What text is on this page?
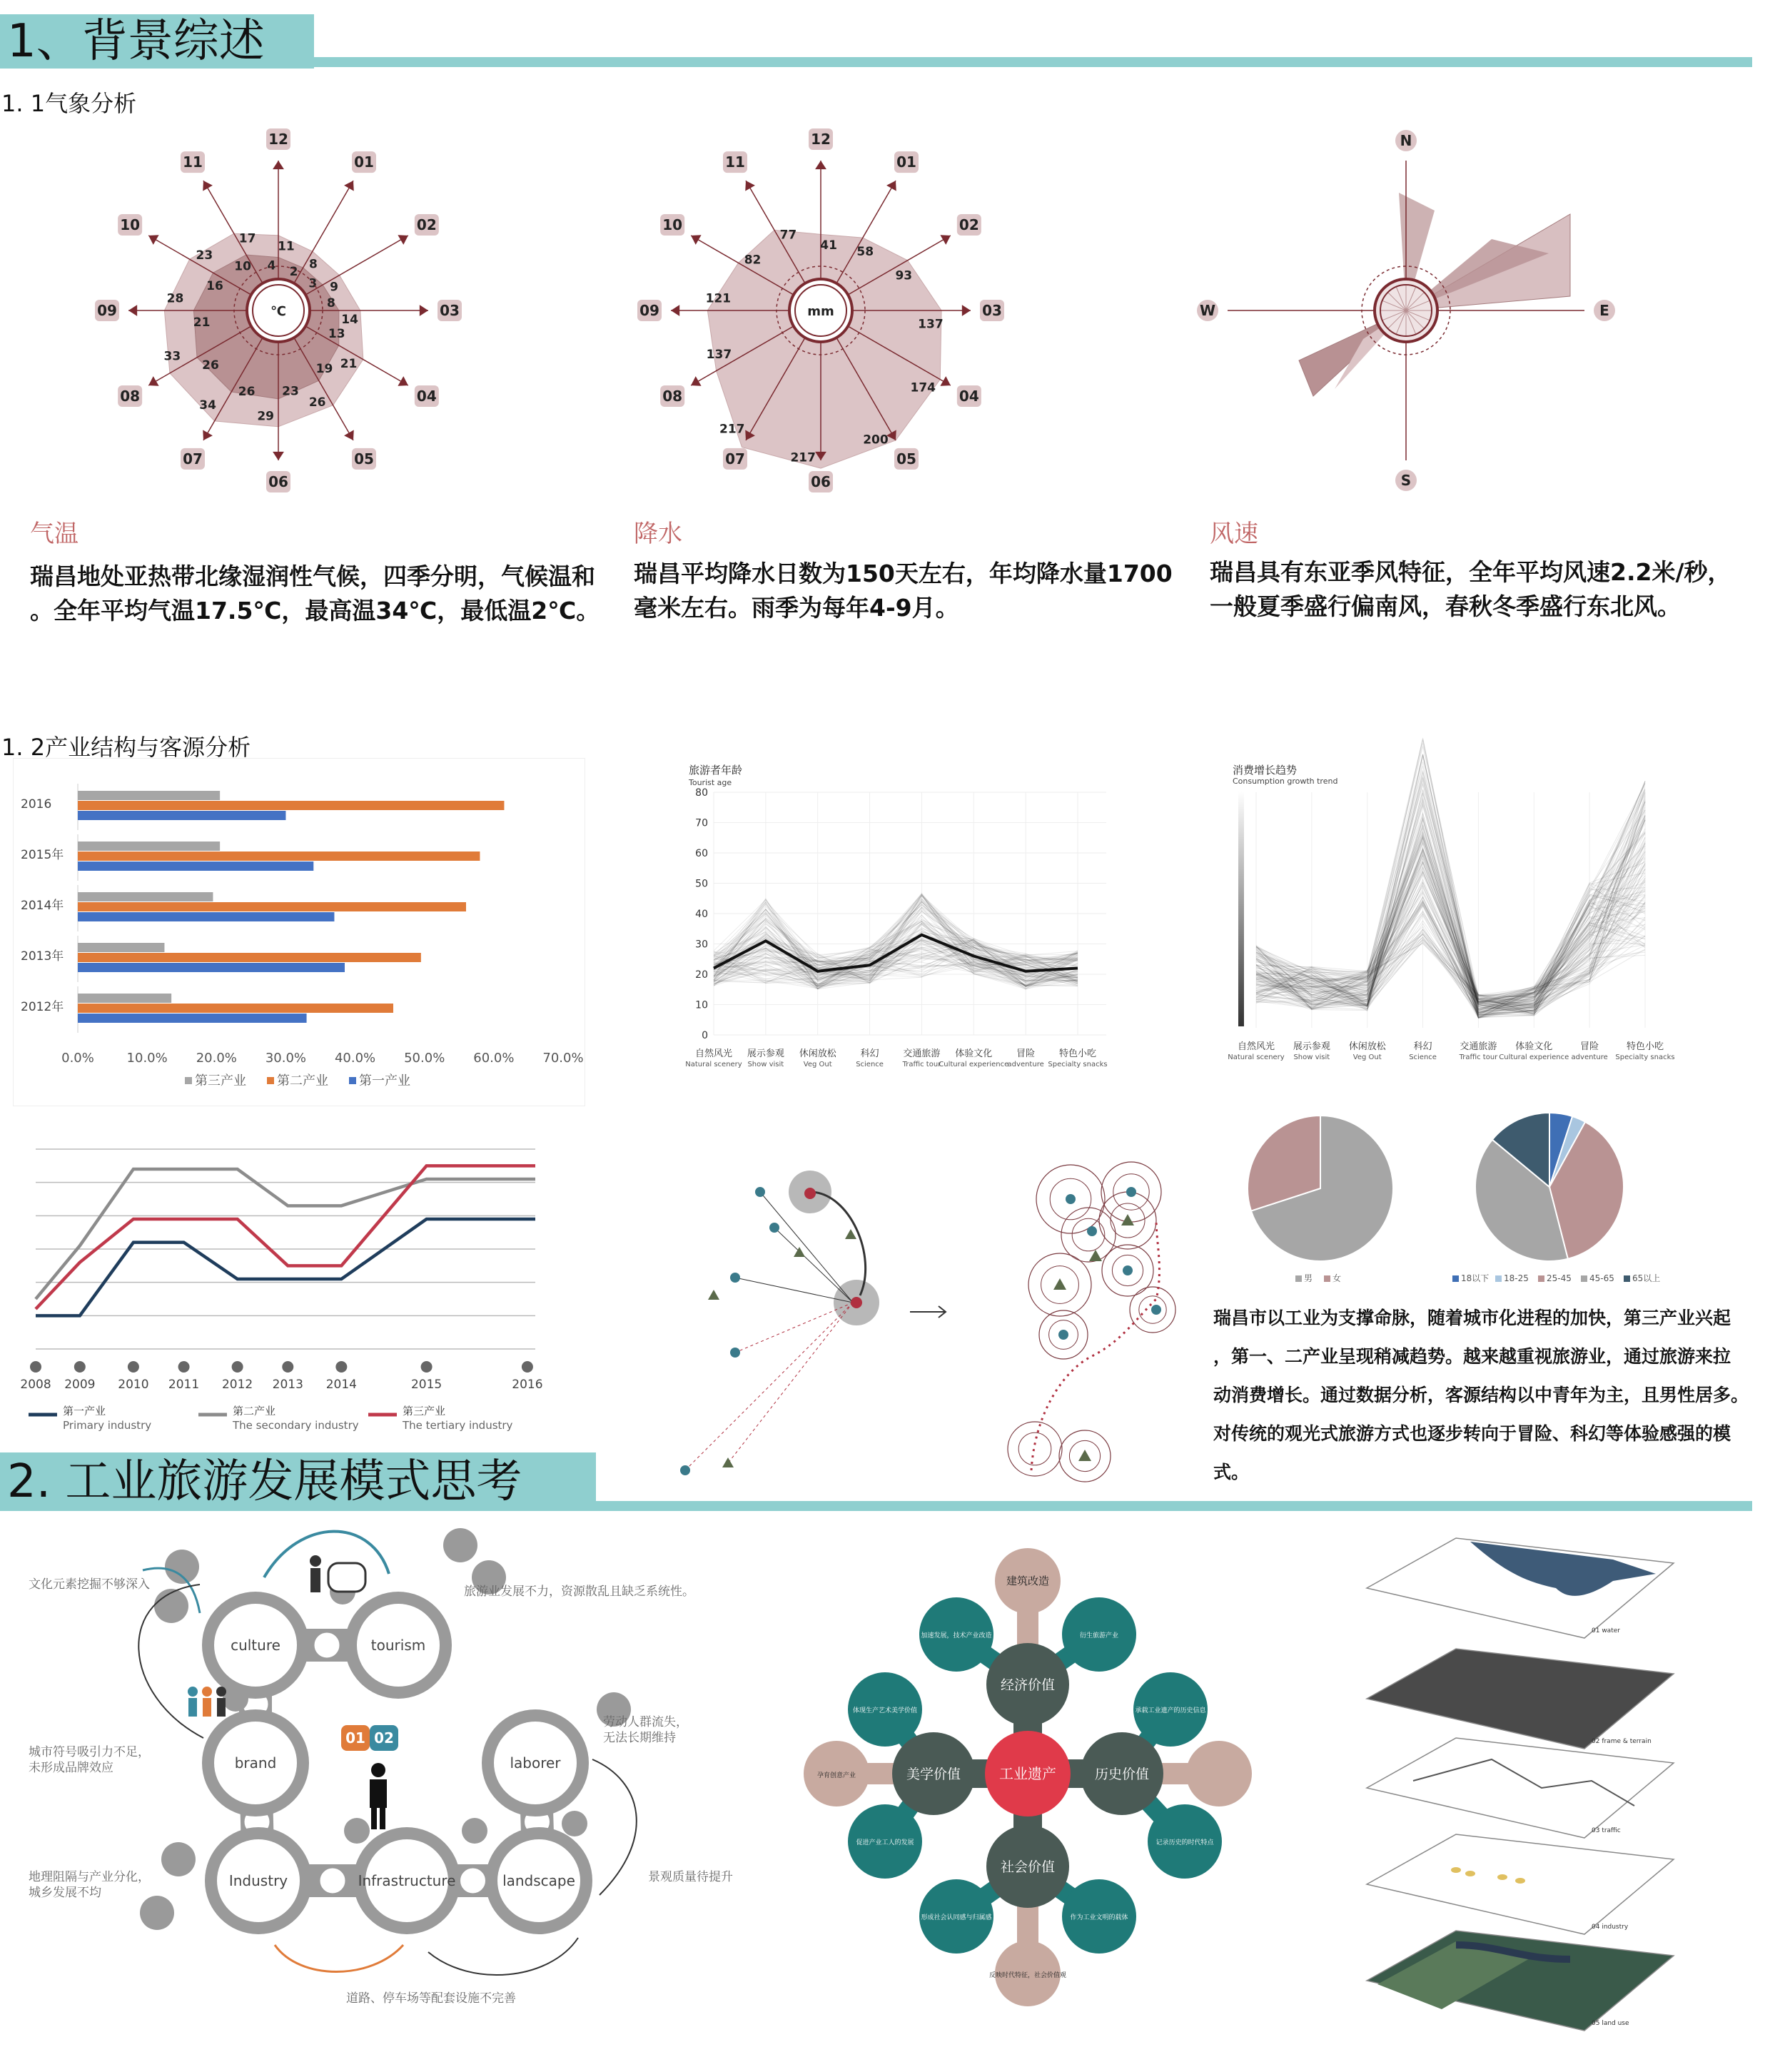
1、背景综述
1. 1气象分析
12
11
4
01
8
2
02
9
3
03
14
8
04
21
13
05
26
19
06
29
23
07
34
26
08
33
26
09
28
21
10
23
16
11
17
10
℃
12
41
01
58
02
93
03
137
04
174
05
200
06
217
07
217
08
137
09
121
10
82
11
77
mm
N
E
S
W
气温	降水	风速
瑞昌地处亚热带北缘湿润性气候，四季分明，气候温和
。全年平均气温17.5℃，最高温34℃，最低温2℃。
瑞昌平均降水日数为150天左右，年均降水量1700
毫米左右。雨季为每年4-9月。
瑞昌具有东亚季风特征，全年平均风速2.2米/秒，
一般夏季盛行偏南风，春秋冬季盛行东北风。
1. 2产业结构与客源分析
2016
2015年
2014年
2013年
2012年
0.0%	10.0% 20.0% 30.0% 40.0% 50.0% 60.0% 70.0%
第三产业 第二产业 第一产业
旅游者年龄
Tourist age
0
10
20
30
40
50
60
70
80
自然风光
Natural scenery
展示参观
Show visit
休闲放松
Veg Out
科幻
Science
交通旅游
Traffic tour
体验文化
Cultural experience
冒险
adventure
特色小吃
Specialty snacks
消费增长趋势
Consumption growth trend
自然风光
Natural scenery
展示参观
Show visit
休闲放松
Veg Out
科幻
Science
交通旅游
Traffic tour
体验文化
Cultural experience
冒险
adventure
特色小吃
Specialty snacks
2008 2009 2010 2011 2012 2013 2014	2015	2016
第一产业
Primary industry
第二产业
The secondary industry
第三产业
The tertiary industry
男 女	18以下 18-25 25-45 45-65 65以上
瑞昌市以工业为支撑命脉，随着城市化进程的加快，第三产业兴起
，第一、二产业呈现稍减趋势。越来越重视旅游业，通过旅游来拉
动消费增长。通过数据分析，客源结构以中青年为主，且男性居多。
对传统的观光式旅游方式也逐步转向于冒险、科幻等体验感强的模式。
2. 工业旅游发展模式思考
culture	tourism
brand	laborer
Industry	Infrastructure	landscape
01 02
文化元素挖掘不够深入	旅游业发展不力，资源散乱且缺乏系统性。
城市符号吸引力不足，
未形成品牌效应
劳动人群流失，
无法长期维持
地理阻隔与产业分化，
城乡发展不均
景观质量待提升
道路、停车场等配套设施不完善
加速发展，技术产业改造	衍生旅游产业
承载工业遗产的历史信息
记录历史的时代特点
作为工业文明的载体
形成社会认同感与归属感
促进产业工人的发展
体现生产艺术美学价值
建筑改造
反映时代特征，社会价值观
孕育创意产业
经济价值
历史价值
社会价值
美学价值	工业遗产
01 water
02 frame & terrain
03 traffic
04 industry
05 land use
